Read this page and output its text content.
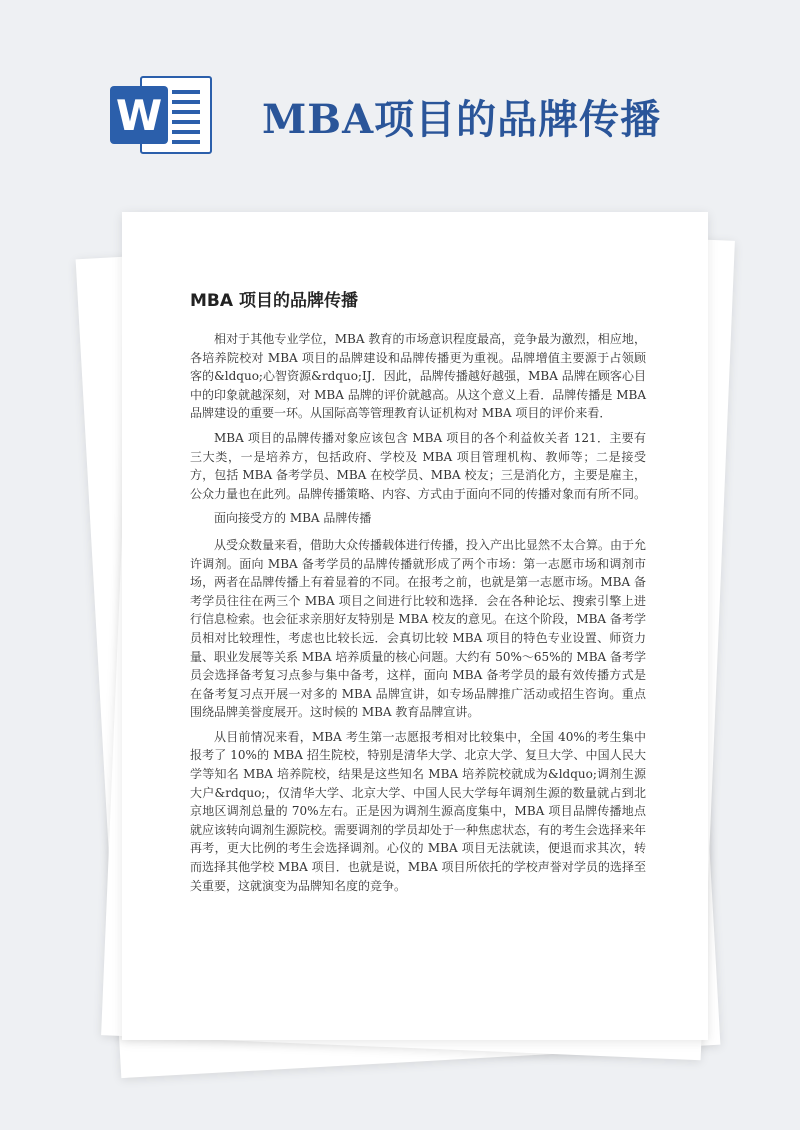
W MBA项目的品牌传播
MBA 项目的品牌传播

相对于其他专业学位，MBA 教育的市场意识程度最高，竞争最为激烈，相应地，各培养院校对 MBA 项目的品牌建设和品牌传播更为重视。品牌增值主要源于占领顾客的&ldquo;心智资源&rdquo;IJ．因此，品牌传播越好越强，MBA 品牌在顾客心目中的印象就越深刻，对 MBA 品牌的评价就越高。从这个意义上看．品牌传播是 MBA 品牌建设的重要一环。从国际高等管理教育认证机构对 MBA 项目的评价来看．

MBA 项目的品牌传播对象应该包含 MBA 项目的各个利益攸关者 121．主要有三大类，一是培养方，包括政府、学校及 MBA 项目管理机构、教师等；二是接受方，包括 MBA 备考学员、MBA 在校学员、MBA 校友；三是消化方，主要是雇主，公众力量也在此列。品牌传播策略、内容、方式由于面向不同的传播对象而有所不同。

面向接受方的 MBA 品牌传播

从受众数量来看，借助大众传播载体进行传播，投入产出比显然不太合算。由于允许调剂。面向 MBA 备考学员的品牌传播就形成了两个市场：第一志愿市场和调剂市场，两者在品牌传播上有着显着的不同。在报考之前，也就是第一志愿市场。MBA 备考学员往往在两三个 MBA 项目之间进行比较和选择．会在各种论坛、搜索引擎上进行信息检索。也会征求亲朋好友特别是 MBA 校友的意见。在这个阶段，MBA 备考学员相对比较理性，考虑也比较长远．会真切比较 MBA 项目的特色专业设置、师资力量、职业发展等关系 MBA 培养质量的核心问题。大约有 50%～65%的 MBA 备考学员会选择备考复习点参与集中备考，这样，面向 MBA 备考学员的最有效传播方式是在备考复习点开展一对多的 MBA 品牌宣讲，如专场品牌推广活动或招生咨询。重点围绕品牌美誉度展开。这时候的 MBA 教育品牌宣讲。

从目前情况来看，MBA 考生第一志愿报考相对比较集中，全国 40%的考生集中报考了 10%的 MBA 招生院校，特别是清华大学、北京大学、复旦大学、中国人民大学等知名 MBA 培养院校，结果是这些知名 MBA 培养院校就成为&ldquo;调剂生源大户&rdquo;，仅清华大学、北京大学、中国人民大学每年调剂生源的数量就占到北京地区调剂总量的 70%左右。正是因为调剂生源高度集中，MBA 项目品牌传播地点就应该转向调剂生源院校。需要调剂的学员却处于一种焦虑状态，有的考生会选择来年再考，更大比例的考生会选择调剂。心仪的 MBA 项目无法就读，便退而求其次，转而选择其他学校 MBA 项目．也就是说，MBA 项目所依托的学校声誉对学员的选择至关重要，这就演变为品牌知名度的竞争。
